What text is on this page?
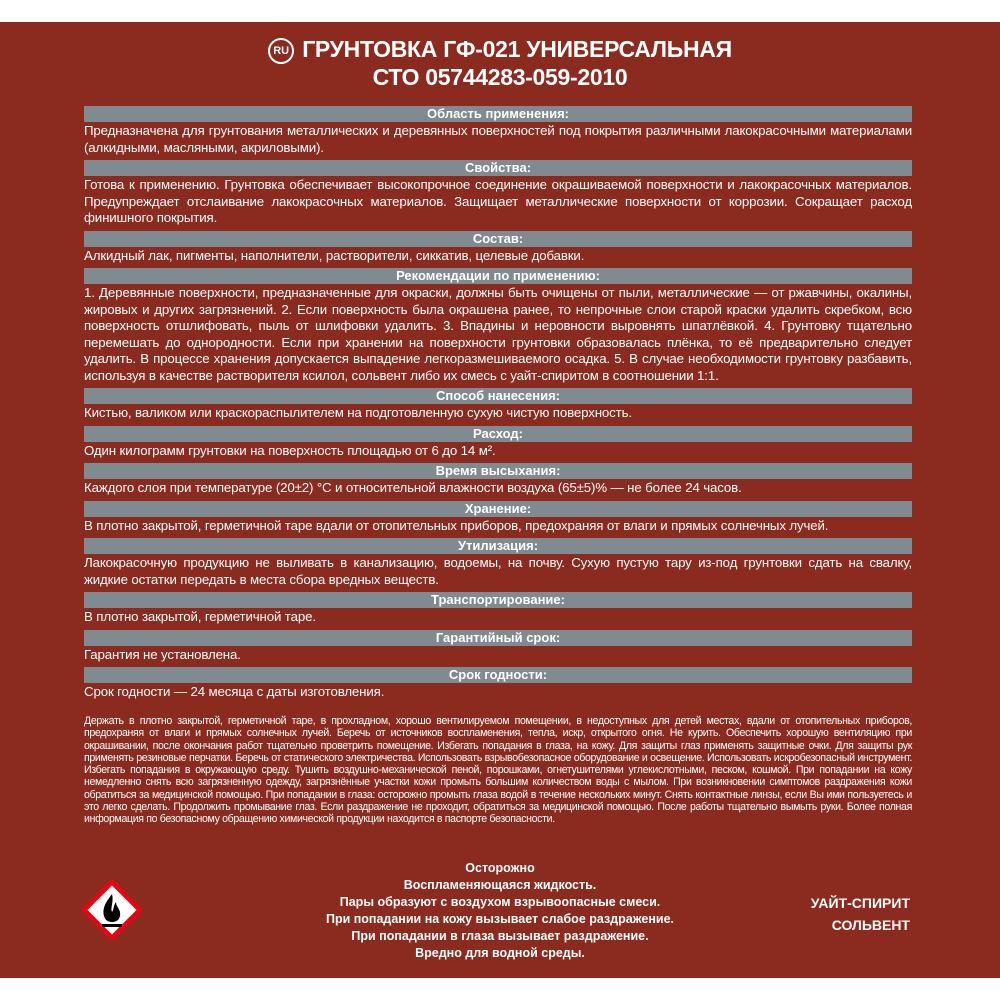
RU ГРУНТОВКА ГФ-021 УНИВЕРСАЛЬНАЯ
СТО 05744283-059-2010
Область применения:
Предназначена для грунтования металлических и деревянных поверхностей под покрытия различными лакокрасочными материалами (алкидными, масляными, акриловыми).
Свойства:
Готова к применению. Грунтовка обеспечивает высокопрочное соединение окрашиваемой поверхности и лакокрасочных материалов. Предупреждает отслаивание лакокрасочных материалов. Защищает металлические поверхности от коррозии. Сокращает расход финишного покрытия.
Состав:
Алкидный лак, пигменты, наполнители, растворители, сиккатив, целевые добавки.
Рекомендации по применению:
1. Деревянные поверхности, предназначенные для окраски, должны быть очищены от пыли, металлические — от ржавчины, окалины, жировых и других загрязнений. 2. Если поверхность была окрашена ранее, то непрочные слои старой краски удалить скребком, всю поверхность отшлифовать, пыль от шлифовки удалить. 3. Впадины и неровности выровнять шпатлёвкой. 4. Грунтовку тщательно перемешать до однородности. Если при хранении на поверхности грунтовки образовалась плёнка, то её предварительно следует удалить. В процессе хранения допускается выпадение легкоразмешиваемого осадка. 5. В случае необходимости грунтовку разбавить, используя в качестве растворителя ксилол, сольвент либо их смесь с уайт-спиритом в соотношении 1:1.
Способ нанесения:
Кистью, валиком или краскораспылителем на подготовленную сухую чистую поверхность.
Расход:
Один килограмм грунтовки на поверхность площадью от 6 до 14 м².
Время высыхания:
Каждого слоя при температуре (20±2) °С и относительной влажности воздуха (65±5)% — не более 24 часов.
Хранение:
В плотно закрытой, герметичной таре вдали от отопительных приборов, предохраняя от влаги и прямых солнечных лучей.
Утилизация:
Лакокрасочную продукцию не выливать в канализацию, водоемы, на почву. Сухую пустую тару из-под грунтовки сдать на свалку, жидкие остатки передать в места сбора вредных веществ.
Транспортирование:
В плотно закрытой, герметичной таре.
Гарантийный срок:
Гарантия не установлена.
Срок годности:
Срок годности — 24 месяца с даты изготовления.
Держать в плотно закрытой, герметичной таре, в прохладном, хорошо вентилируемом помещении, в недоступных для детей местах, вдали от отопительных приборов, предохраняя от влаги и прямых солнечных лучей. Беречь от источников воспламенения, тепла, искр, открытого огня. Не курить. Обеспечить хорошую вентиляцию при окрашивании, после окончания работ тщательно проветрить помещение. Избегать попадания в глаза, на кожу. Для защиты глаз применять защитные очки. Для защиты рук применять резиновые перчатки. Беречь от статического электричества. Использовать взрывобезопасное оборудование и освещение. Использовать искробезопасный инструмент. Избегать попадания в окружающую среду. Тушить воздушно-механической пеной, порошками, огнетушителями углекислотными, песком, кошмой. При попадании на кожу немедленно снять всю загрязненную одежду, загрязнённые участки кожи промыть большим количеством воды с мылом. При возникновении симптомов раздражения кожи обратиться за медицинской помощью. При попадании в глаза: осторожно промыть глаза водой в течение нескольких минут. Снять контактные линзы, если Вы ими пользуетесь и это легко сделать. Продолжить промывание глаз. Если раздражение не проходит, обратиться за медицинской помощью. После работы тщательно вымыть руки. Более полная информация по безопасному обращению химической продукции находится в паспорте безопасности.
Осторожно
Воспламеняющаяся жидкость.
Пары образуют с воздухом взрывоопасные смеси.
При попадании на кожу вызывает слабое раздражение.
При попадании в глаза вызывает раздражение.
Вредно для водной среды.
УАЙТ-СПИРИТ
СОЛЬВЕНТ
